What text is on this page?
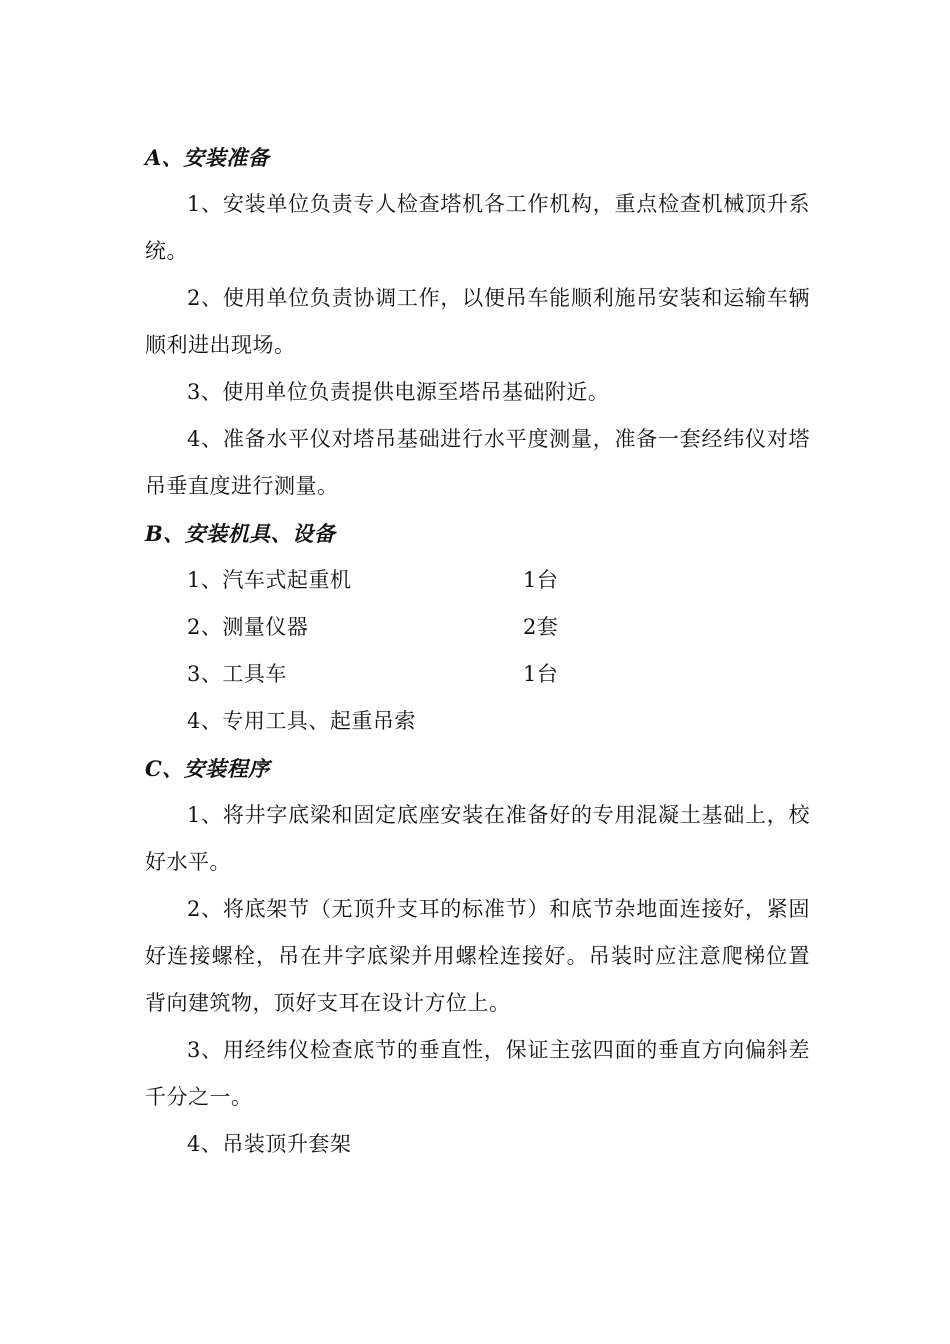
A、安装准备

1、安装单位负责专人检查塔机各工作机构，重点检查机械顶升系统。

2、使用单位负责协调工作，以便吊车能顺利施吊安装和运输车辆顺利进出现场。

3、使用单位负责提供电源至塔吊基础附近。

4、准备水平仪对塔吊基础进行水平度测量，准备一套经纬仪对塔吊垂直度进行测量。

B、安装机具、设备

1、汽车式起重机	1台
2、测量仪器	2套
3、工具车	1台
4、专用工具、起重吊索

C、安装程序

1、将井字底梁和固定底座安装在准备好的专用混凝土基础上，校好水平。

2、将底架节（无顶升支耳的标准节）和底节杂地面连接好，紧固好连接螺栓，吊在井字底梁并用螺栓连接好。吊装时应注意爬梯位置背向建筑物，顶好支耳在设计方位上。

3、用经纬仪检查底节的垂直性，保证主弦四面的垂直方向偏斜差千分之一。

4、吊装顶升套架
